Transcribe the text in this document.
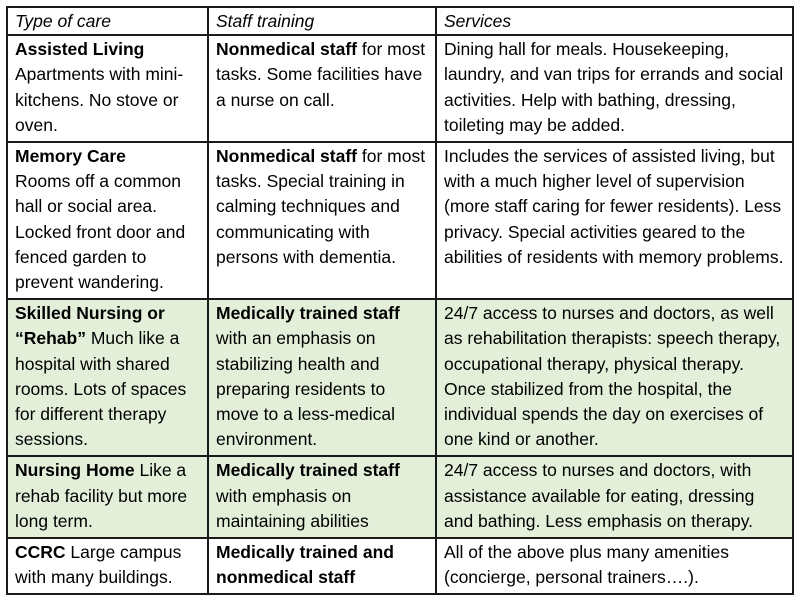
Type of care	Staff training	Services
Assisted Living
Apartments with mini-kitchens. No stove or oven.	Nonmedical staff for most tasks. Some facilities have a nurse on call.	Dining hall for meals. Housekeeping, laundry, and van trips for errands and social activities. Help with bathing, dressing, toileting may be added.
Memory Care
Rooms off a common hall or social area. Locked front door and fenced garden to prevent wandering.	Nonmedical staff for most tasks. Special training in calming techniques and communicating with persons with dementia.	Includes the services of assisted living, but with a much higher level of supervision (more staff caring for fewer residents). Less privacy. Special activities geared to the abilities of residents with memory problems.
Skilled Nursing or “Rehab” Much like a hospital with shared rooms. Lots of spaces for different therapy sessions.	Medically trained staff with an emphasis on stabilizing health and preparing residents to move to a less-medical environment.	24/7 access to nurses and doctors, as well as rehabilitation therapists: speech therapy, occupational therapy, physical therapy. Once stabilized from the hospital, the individual spends the day on exercises of one kind or another.
Nursing Home Like a rehab facility but more long term.	Medically trained staff with emphasis on maintaining abilities	24/7 access to nurses and doctors, with assistance available for eating, dressing and bathing. Less emphasis on therapy.
CCRC Large campus with many buildings.	Medically trained and nonmedical staff	All of the above plus many amenities (concierge, personal trainers….).
